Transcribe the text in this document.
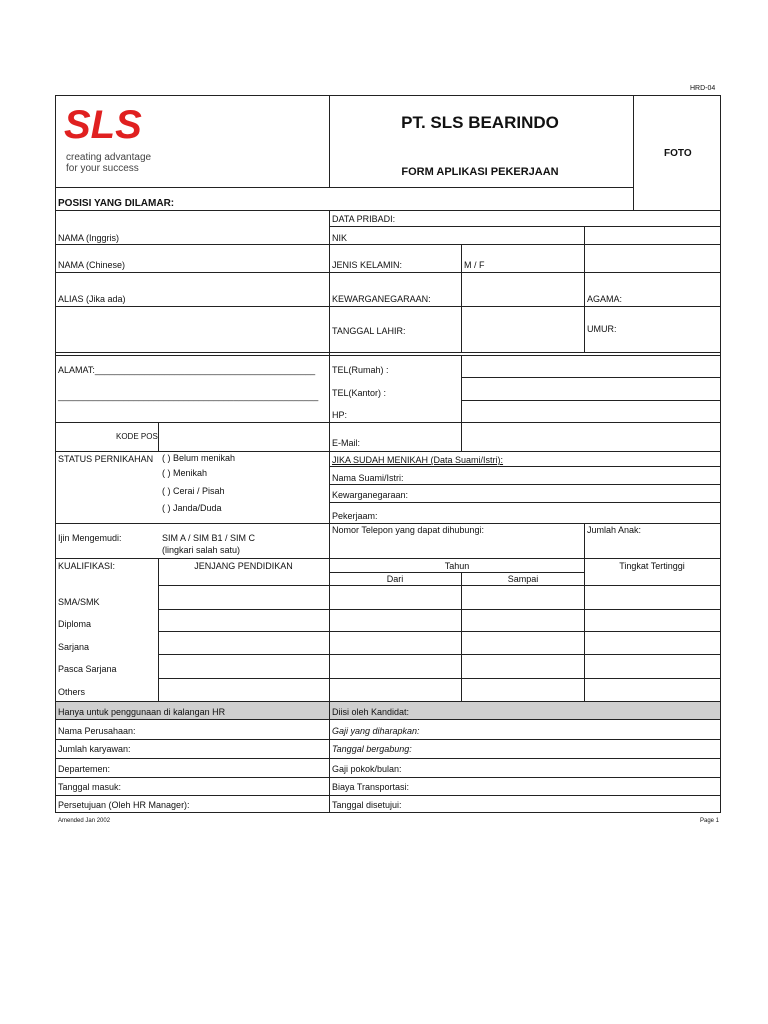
HRD-04
SLS
creating advantage
for your success
PT. SLS BEARINDO
FORM APLIKASI PEKERJAAN
FOTO
POSISI YANG DILAMAR:
DATA PRIBADI:
NAMA (Inggris)	NIK
NAMA (Chinese)	JENIS KELAMIN:	M / F
ALIAS (Jika ada)	KEWARGANEGARAAN:	AGAMA:
TANGGAL LAHIR:	UMUR:
ALAMAT:____________________________________________
____________________________________________________
TEL(Rumah) :
TEL(Kantor) :
HP:
KODE POS
E-Mail:
STATUS PERNIKAHAN ( ) Belum menikah
( ) Menikah
( ) Cerai / Pisah
( ) Janda/Duda
JIKA SUDAH MENIKAH (Data Suami/Istri):
Nama Suami/Istri:
Kewarganegaraan:
Pekerjaam:
Nomor Telepon yang dapat dihubungi:	Jumlah Anak:
Ijin Mengemudi:	SIM A / SIM B1 / SIM C
(lingkari salah satu)
KUALIFIKASI:	JENJANG PENDIDIKAN	Tahun
Dari	Sampai
Tingkat Tertinggi
SMA/SMK
Diploma
Sarjana
Pasca Sarjana
Others
Hanya untuk penggunaan di kalangan HR	Diisi oleh Kandidat:
Nama Perusahaan:	Gaji yang diharapkan:
Jumlah karyawan:	Tanggal bergabung:
Departemen:	Gaji pokok/bulan:
Tanggal masuk:	Biaya Transportasi:
Persetujuan (Oleh HR Manager):	Tanggal disetujui:
Amended Jan 2002	Page 1
